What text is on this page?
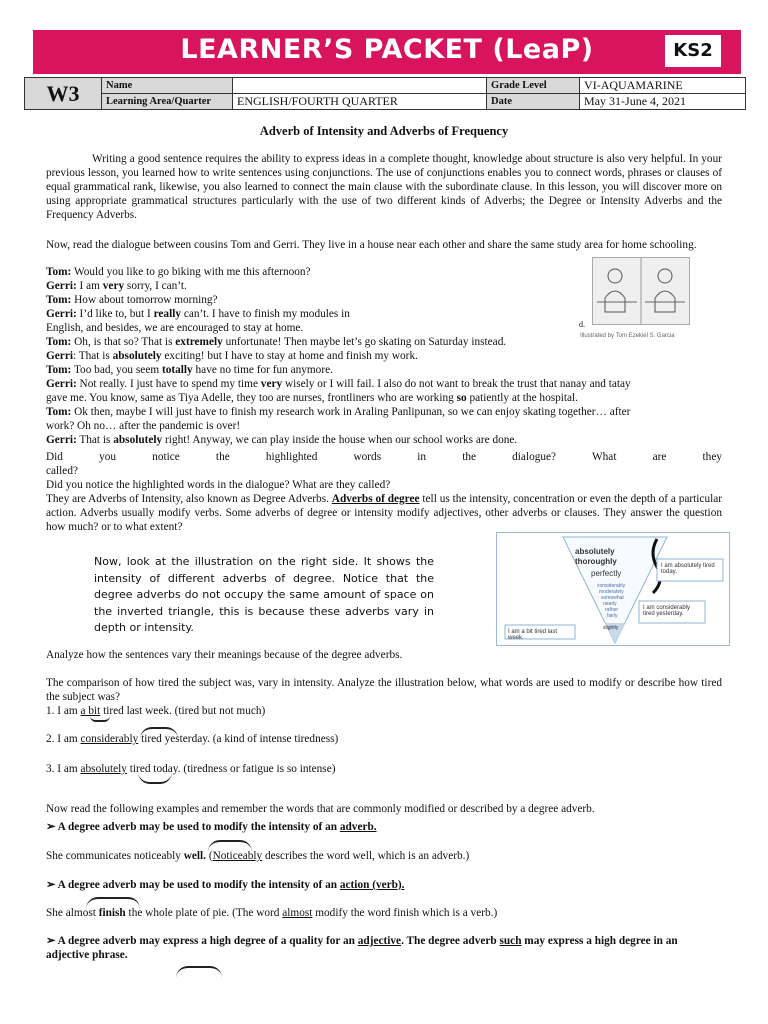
LEARNER’S PACKET (LeaP)	KS2
W3	Name		Grade Level	VI-AQUAMARINE
	Learning Area/Quarter	ENGLISH/FOURTH QUARTER	Date	May 31-June 4, 2021
Adverb of Intensity and Adverbs of Frequency
Writing a good sentence requires the ability to express ideas in a complete thought, knowledge about structure is also very helpful. In your previous lesson, you learned how to write sentences using conjunctions. The use of conjunctions enables you to connect words, phrases or clauses of equal grammatical rank, likewise, you also learned to connect the main clause with the subordinate clause. In this lesson, you will discover more on using appropriate grammatical structures particularly with the use of two different kinds of Adverbs; the Degree or Intensity Adverbs and the Frequency Adverbs.
Now, read the dialogue between cousins Tom and Gerri. They live in a house near each other and share the same study area for home schooling.
Tom: Would you like to go biking with me this afternoon?
Gerri: I am very sorry, I can’t.
Tom: How about tomorrow morning?
Gerri: I’d like to, but I really can’t. I have to finish my modules in
English, and besides, we are encouraged to stay at home.
Tom: Oh, is that so? That is extremely unfortunate! Then maybe let’s go skating on Saturday instead.
Gerri: That is absolutely exciting! but I have to stay at home and finish my work.
Tom: Too bad, you seem totally have no time for fun anymore.
Gerri: Not really. I just have to spend my time very wisely or I will fail. I also do not want to break the trust that nanay and tatay
gave me. You know, same as Tiya Adelle, they too are nurses, frontliners who are working so patiently at the hospital.
Tom: Ok then, maybe I will just have to finish my research work in Araling Panlipunan, so we can enjoy skating together… after
work? Oh no… after the pandemic is over!
Gerri: That is absolutely right! Anyway, we can play inside the house when our school works are done.
d.
Illustrated by Tom Ezekiel S. Garcia
Did you notice the highlighted words in the dialogue? What are they called?
Did you notice the highlighted words in the dialogue? What are they called?
They are Adverbs of Intensity, also known as Degree Adverbs. Adverbs of degree tell us the intensity, concentration or even the depth of a particular action. Adverbs usually modify verbs. Some adverbs of degree or intensity modify adjectives, other adverbs or clauses. They answer the question how much? or to what extent?
Now, look at the illustration on the right side. It shows the intensity of different adverbs of degree. Notice that the degree adverbs do not occupy the same amount of space on the inverted triangle, this is because these adverbs vary in depth or intensity.
absolutely
thoroughly
perfectly
considerably
moderately
somewhat
nearly
rather
fairly
slightly
I am absolutely tired today.
I am considerably tired yesterday.
I am a bit tired last week.
Analyze how the sentences vary their meanings because of the degree adverbs.
The comparison of how tired the subject was, vary in intensity. Analyze the illustration below, what words are used to modify or describe how tired the subject was?
1. I am a bit tired last week. (tired but not much)
2. I am considerably tired yesterday. (a kind of intense tiredness)
3. I am absolutely tired today. (tiredness or fatigue is so intense)
Now read the following examples and remember the words that are commonly modified or described by a degree adverb.
➢ A degree adverb may be used to modify the intensity of an adverb.
She communicates noticeably well. (Noticeably describes the word well, which is an adverb.)
➢ A degree adverb may be used to modify the intensity of an action (verb).
She almost finish the whole plate of pie. (The word almost modify the word finish which is a verb.)
➢ A degree adverb may express a high degree of a quality for an adjective. The degree adverb such may express a high degree in an adjective phrase.
